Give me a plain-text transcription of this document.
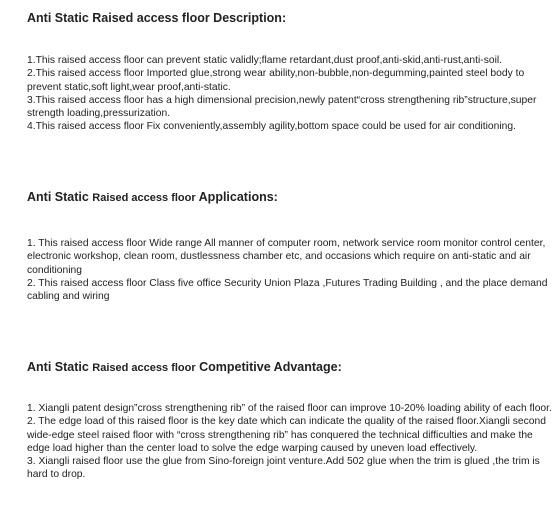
Anti Static Raised access floor Description:

1.This raised access floor can prevent static validly;flame retardant,dust proof,anti-skid,anti-rust,anti-soil.

2.This raised access floor Imported glue,strong wear ability,non-bubble,non-degumming,painted steel body to prevent static,soft light,wear proof,anti-static.

3.This raised access floor has a high dimensional precision,newly patent“cross strengthening rib”structure,super strength loading,pressurization.

4.This raised access floor Fix conveniently,assembly agility,bottom space could be used for air conditioning.

Anti Static Raised access floor Applications:

1. This raised access floor Wide range All manner of computer room, network service room monitor control center, electronic workshop, clean room, dustlessness chamber etc, and occasions which require on anti-static and air conditioning

2. This raised access floor Class five office Security Union Plaza ,Futures Trading Building , and the place demand cabling and wiring

Anti Static Raised access floor Competitive Advantage:

1. Xiangli patent design”cross strengthening rib” of the raised floor can improve 10-20% loading ability of each floor.

2. The edge load of this raised floor is the key date which can indicate the quality of the raised floor.Xiangli second wide-edge steel raised floor with “cross strengthening rib” has conquered the technical difficulties and make the edge load higher than the center load to solve the edge warping caused by uneven load effectively.

3. Xiangli raised floor use the glue from Sino-foreign joint venture.Add 502 glue when the trim is glued ,the trim is hard to drop.
